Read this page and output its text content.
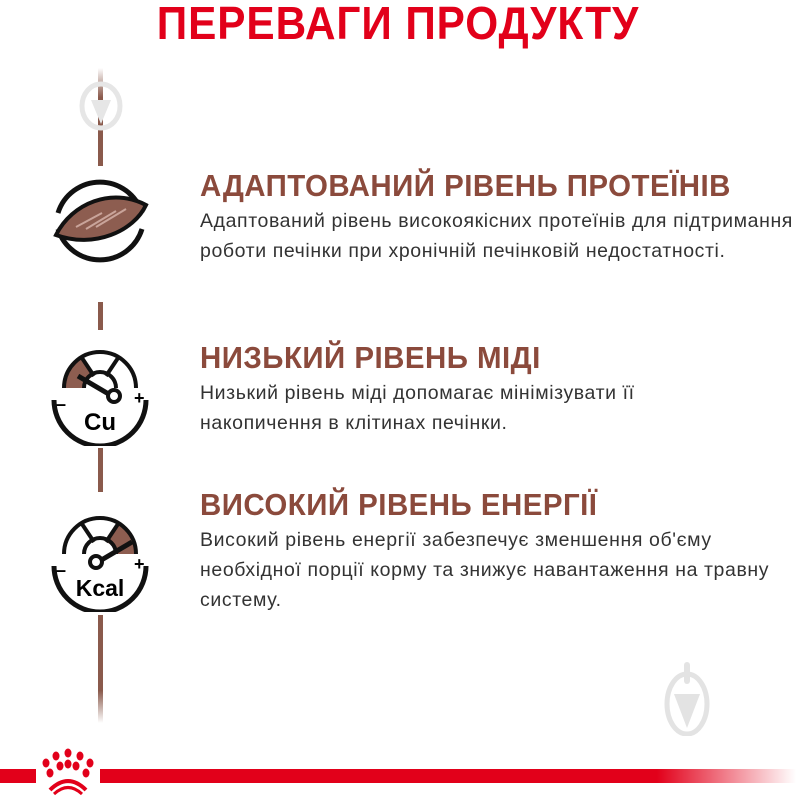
ПЕРЕВАГИ ПРОДУКТУ
–	+
Cu
–	+
Kcal
АДАПТОВАНИЙ РІВЕНЬ ПРОТЕЇНІВ

Адаптований рівень високоякісних протеїнів для підтримання роботи печінки при хронічній печінковій недостатності.

НИЗЬКИЙ РІВЕНЬ МІДІ

Низький рівень міді допомагає мінімізувати її накопичення в клітинах печінки.

ВИСОКИЙ РІВЕНЬ ЕНЕРГІЇ

Високий рівень енергії забезпечує зменшення об'єму необхідної порції корму та знижує навантаження на травну систему.
